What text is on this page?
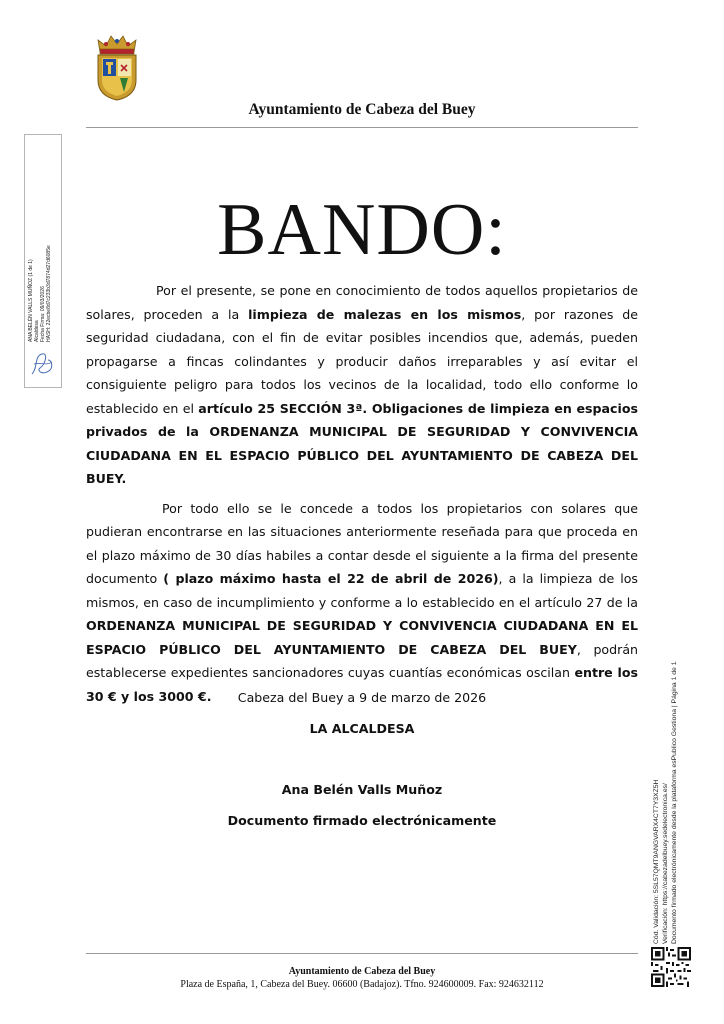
Ayuntamiento de Cabeza del Buey
ANA BELÉN VALLS MUÑOZ (1 de 1) Alcaldesa Fecha Firma: 09/03/2026 HASH: 22ecbe8d7c233b3d7874d27d6085e
BANDO:

Por el presente, se pone en conocimiento de todos aquellos propietarios de solares, proceden a la limpieza de malezas en los mismos, por razones de seguridad ciudadana, con el fin de evitar posibles incendios que, además, pueden propagarse a fincas colindantes y producir daños irreparables y así evitar el consiguiente peligro para todos los vecinos de la localidad, todo ello conforme lo establecido en el artículo 25 SECCIÓN 3ª. Obligaciones de limpieza en espacios privados de la ORDENANZA MUNICIPAL DE SEGURIDAD Y CONVIVENCIA CIUDADANA EN EL ESPACIO PÚBLICO DEL AYUNTAMIENTO DE CABEZA DEL BUEY.

Por todo ello se le concede a todos los propietarios con solares que pudieran encontrarse en las situaciones anteriormente reseñada para que proceda en el plazo máximo de 30 días habiles a contar desde el siguiente a la firma del presente documento ( plazo máximo hasta el 22 de abril de 2026), a la limpieza de los mismos, en caso de incumplimiento y conforme a lo establecido en el artículo 27 de la ORDENANZA MUNICIPAL DE SEGURIDAD Y CONVIVENCIA CIUDADANA EN EL ESPACIO PÚBLICO DEL AYUNTAMIENTO DE CABEZA DEL BUEY, podrán establecerse expedientes sancionadores cuyas cuantías económicas oscilan entre los 30 € y los 3000 €.	Cabeza del Buey a 9 de marzo de 2026
LA ALCALDESA
Ana Belén Valls Muñoz
Documento firmado electrónicamente
Ayuntamiento de Cabeza del Buey
Plaza de España, 1, Cabeza del Buey. 06600 (Badajoz). Tfno. 924600009. Fax: 924632112
Cód. Validación: 5SL57QMT9ANGVARX4CT7Y3XZ5H Verificación: https://cabezadelbuey.sedelectronica.es/ Documento firmado electrónicamente desde la plataforma esPublico Gestiona | Página 1 de 1
